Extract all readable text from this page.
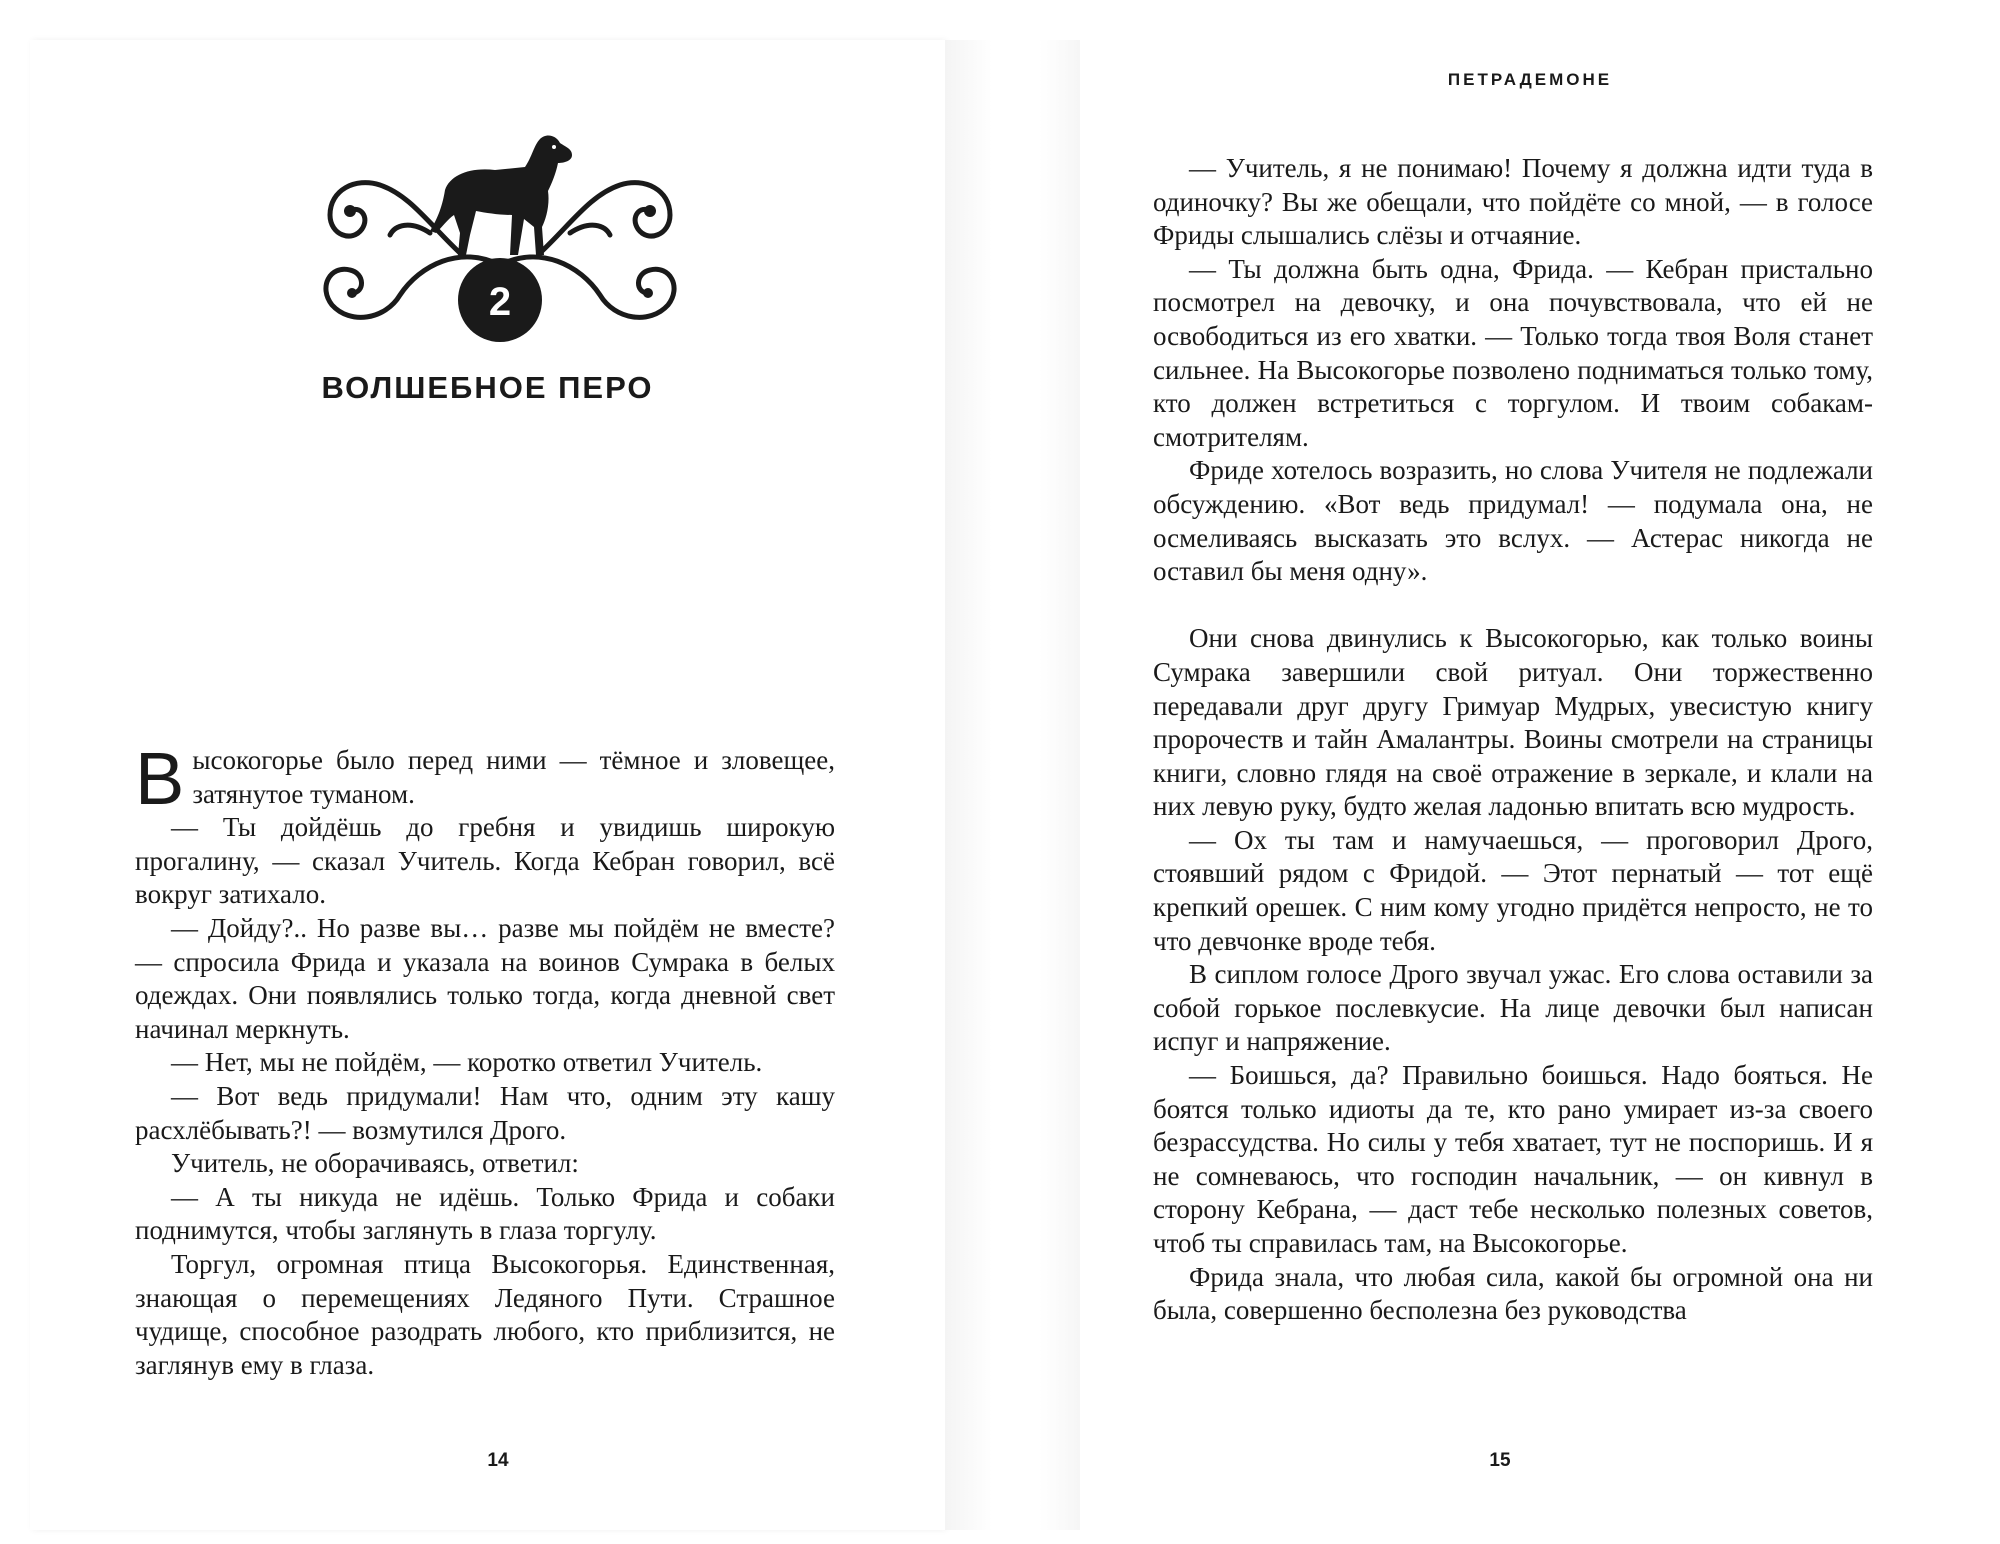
2
ВОЛШЕБНОЕ ПЕРО

Высокогорье было перед ними — тёмное и зловещее, затянутое туманом.

— Ты дойдёшь до гребня и увидишь широкую прогалину, — сказал Учитель. Когда Кебран говорил, всё вокруг затихало.

— Дойду?.. Но разве вы… разве мы пойдём не вместе? — спросила Фрида и указала на воинов Сумрака в белых одеждах. Они появлялись только тогда, когда дневной свет начинал меркнуть.

— Нет, мы не пойдём, — коротко ответил Учитель.

— Вот ведь придумали! Нам что, одним эту кашу расхлёбывать?! — возмутился Дрого.

Учитель, не оборачиваясь, ответил:

— А ты никуда не идёшь. Только Фрида и собаки поднимутся, чтобы заглянуть в глаза торгулу.

Торгул, огромная птица Высокогорья. Единственная, знающая о перемещениях Ледяного Пути. Страшное чудище, способное разодрать любого, кто приблизится, не заглянув ему в глаза.

14
ПЕТРАДЕМОНЕ

— Учитель, я не понимаю! Почему я должна идти туда в одиночку? Вы же обещали, что пойдёте со мной, — в голосе Фриды слышались слёзы и отчаяние.

— Ты должна быть одна, Фрида. — Кебран пристально посмотрел на девочку, и она почувствовала, что ей не освободиться из его хватки. — Только тогда твоя Воля станет сильнее. На Высокогорье позволено подниматься только тому, кто должен встретиться с торгулом. И твоим собакам-смотрителям.

Фриде хотелось возразить, но слова Учителя не подлежали обсуждению. «Вот ведь придумал! — подумала она, не осмеливаясь высказать это вслух. — Астерас никогда не оставил бы меня одну».

Они снова двинулись к Высокогорью, как только воины Сумрака завершили свой ритуал. Они торжественно передавали друг другу Гримуар Мудрых, увесистую книгу пророчеств и тайн Амалантры. Воины смотрели на страницы книги, словно глядя на своё отражение в зеркале, и клали на них левую руку, будто желая ладонью впитать всю мудрость.

— Ох ты там и намучаешься, — проговорил Дрого, стоявший рядом с Фридой. — Этот пернатый — тот ещё крепкий орешек. С ним кому угодно придётся непросто, не то что девчонке вроде тебя.

В сиплом голосе Дрого звучал ужас. Его слова оставили за собой горькое послевкусие. На лице девочки был написан испуг и напряжение.

— Боишься, да? Правильно боишься. Надо бояться. Не боятся только идиоты да те, кто рано умирает из-за своего безрассудства. Но силы у тебя хватает, тут не поспоришь. И я не сомневаюсь, что господин начальник, — он кивнул в сторону Кебрана, — даст тебе несколько полезных советов, чтоб ты справилась там, на Высокогорье.

Фрида знала, что любая сила, какой бы огромной она ни была, совершенно бесполезна без руководства

15
